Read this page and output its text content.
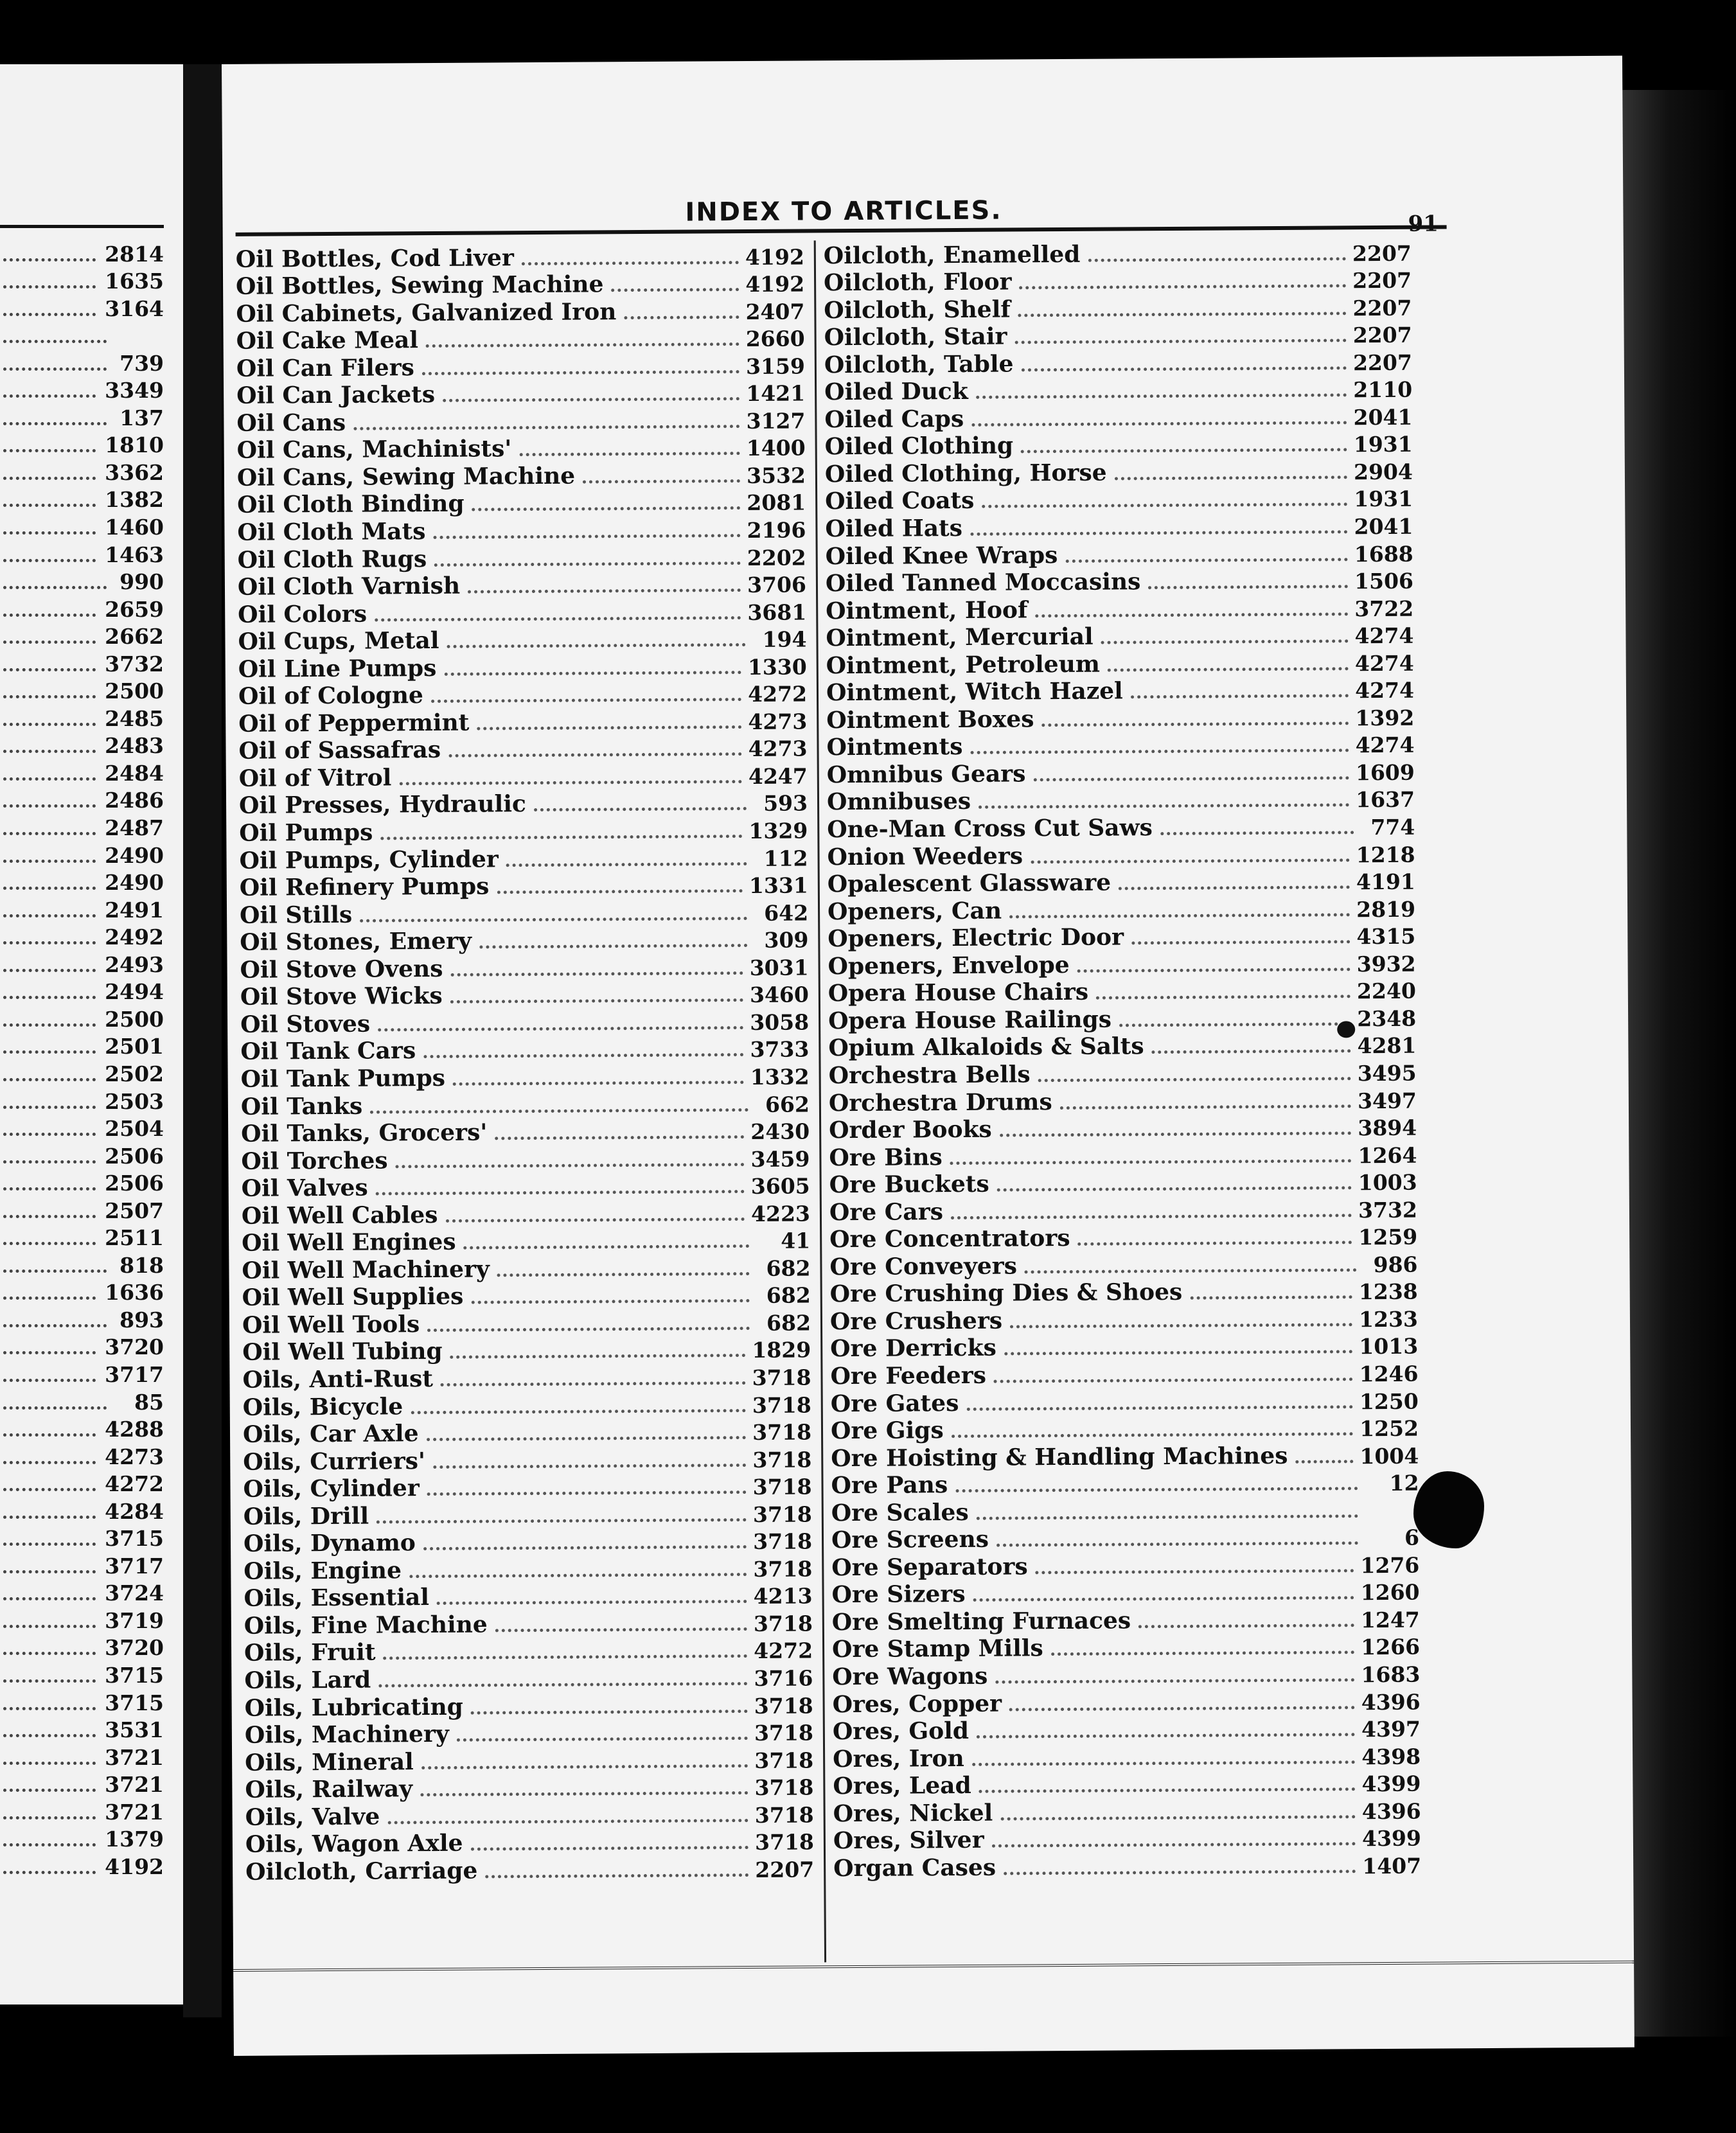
2814
1635
3164
739
3349
137
1810
3362
1382
1460
1463
990
2659
2662
3732
2500
2485
2483
2484
2486
2487
2490
2490
2491
2492
2493
2494
2500
2501
2502
2503
2504
2506
2506
2507
2511
818
1636
893
3720
3717
85
4288
4273
4272
4284
3715
3717
3724
3719
3720
3715
3715
3531
3721
3721
3721
1379
4192
INDEX TO ARTICLES.	91
Oil Bottles, Cod Liver	4192
Oil Bottles, Sewing Machine	4192
Oil Cabinets, Galvanized Iron	2407
Oil Cake Meal	2660
Oil Can Filers	3159
Oil Can Jackets	1421
Oil Cans	3127
Oil Cans, Machinists'	1400
Oil Cans, Sewing Machine	3532
Oil Cloth Binding	2081
Oil Cloth Mats	2196
Oil Cloth Rugs	2202
Oil Cloth Varnish	3706
Oil Colors	3681
Oil Cups, Metal	194
Oil Line Pumps	1330
Oil of Cologne	4272
Oil of Peppermint	4273
Oil of Sassafras	4273
Oil of Vitrol	4247
Oil Presses, Hydraulic	593
Oil Pumps	1329
Oil Pumps, Cylinder	112
Oil Refinery Pumps	1331
Oil Stills	642
Oil Stones, Emery	309
Oil Stove Ovens	3031
Oil Stove Wicks	3460
Oil Stoves	3058
Oil Tank Cars	3733
Oil Tank Pumps	1332
Oil Tanks	662
Oil Tanks, Grocers'	2430
Oil Torches	3459
Oil Valves	3605
Oil Well Cables	4223
Oil Well Engines	41
Oil Well Machinery	682
Oil Well Supplies	682
Oil Well Tools	682
Oil Well Tubing	1829
Oils, Anti-Rust	3718
Oils, Bicycle	3718
Oils, Car Axle	3718
Oils, Curriers'	3718
Oils, Cylinder	3718
Oils, Drill	3718
Oils, Dynamo	3718
Oils, Engine	3718
Oils, Essential	4213
Oils, Fine Machine	3718
Oils, Fruit	4272
Oils, Lard	3716
Oils, Lubricating	3718
Oils, Machinery	3718
Oils, Mineral	3718
Oils, Railway	3718
Oils, Valve	3718
Oils, Wagon Axle	3718
Oilcloth, Carriage	2207
Oilcloth, Enamelled	2207
Oilcloth, Floor	2207
Oilcloth, Shelf	2207
Oilcloth, Stair	2207
Oilcloth, Table	2207
Oiled Duck	2110
Oiled Caps	2041
Oiled Clothing	1931
Oiled Clothing, Horse	2904
Oiled Coats	1931
Oiled Hats	2041
Oiled Knee Wraps	1688
Oiled Tanned Moccasins	1506
Ointment, Hoof	3722
Ointment, Mercurial	4274
Ointment, Petroleum	4274
Ointment, Witch Hazel	4274
Ointment Boxes	1392
Ointments	4274
Omnibus Gears	1609
Omnibuses	1637
One-Man Cross Cut Saws	774
Onion Weeders	1218
Opalescent Glassware	4191
Openers, Can	2819
Openers, Electric Door	4315
Openers, Envelope	3932
Opera House Chairs	2240
Opera House Railings	2348
Opium Alkaloids & Salts	4281
Orchestra Bells	3495
Orchestra Drums	3497
Order Books	3894
Ore Bins	1264
Ore Buckets	1003
Ore Cars	3732
Ore Concentrators	1259
Ore Conveyers	986
Ore Crushing Dies & Shoes	1238
Ore Crushers	1233
Ore Derricks	1013
Ore Feeders	1246
Ore Gates	1250
Ore Gigs	1252
Ore Hoisting & Handling Machines	1004
Ore Pans	12
Ore Scales
Ore Screens	6
Ore Separators	1276
Ore Sizers	1260
Ore Smelting Furnaces	1247
Ore Stamp Mills	1266
Ore Wagons	1683
Ores, Copper	4396
Ores, Gold	4397
Ores, Iron	4398
Ores, Lead	4399
Ores, Nickel	4396
Ores, Silver	4399
Organ Cases	1407
